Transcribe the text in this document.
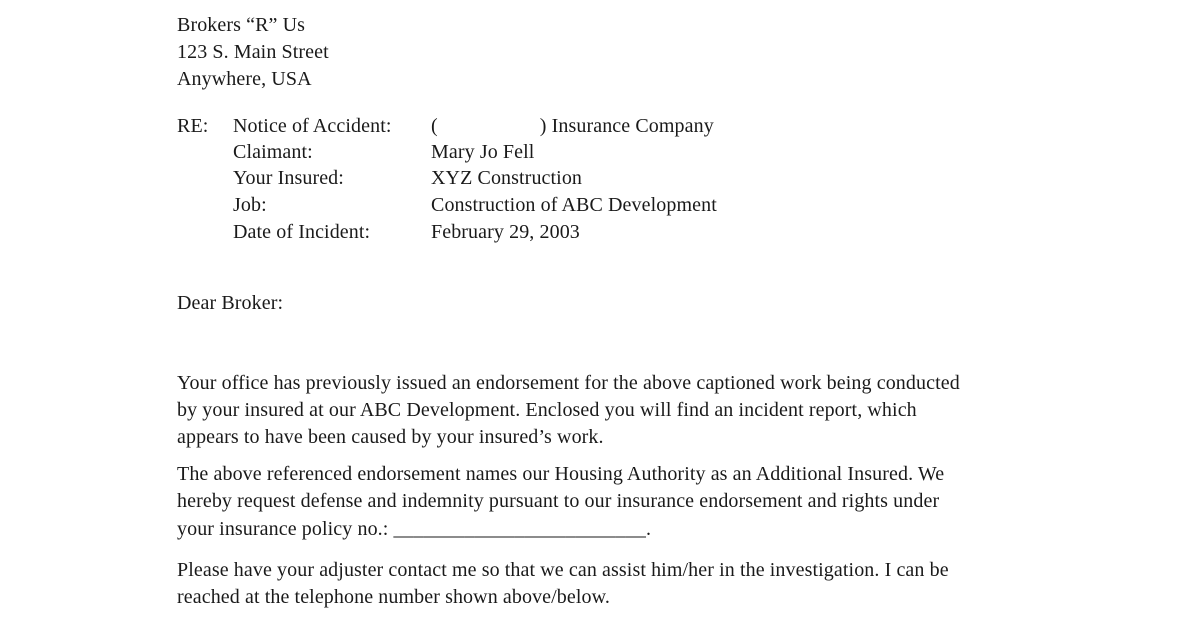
Brokers “R” Us
123 S. Main Street
Anywhere, USA
RE: Notice of Accident: (                    ) Insurance Company
Claimant:	Mary Jo Fell
Your Insured:	XYZ Construction
Job:	Construction of ABC Development
Date of Incident:	February 29, 2003
Dear Broker:
Your office has previously issued an endorsement for the above captioned work being conducted
by your insured at our ABC Development. Enclosed you will find an incident report, which
appears to have been caused by your insured’s work.
The above referenced endorsement names our Housing Authority as an Additional Insured. We
hereby request defense and indemnity pursuant to our insurance endorsement and rights under
your insurance policy no.: _________________________.
Please have your adjuster contact me so that we can assist him/her in the investigation. I can be
reached at the telephone number shown above/below.
